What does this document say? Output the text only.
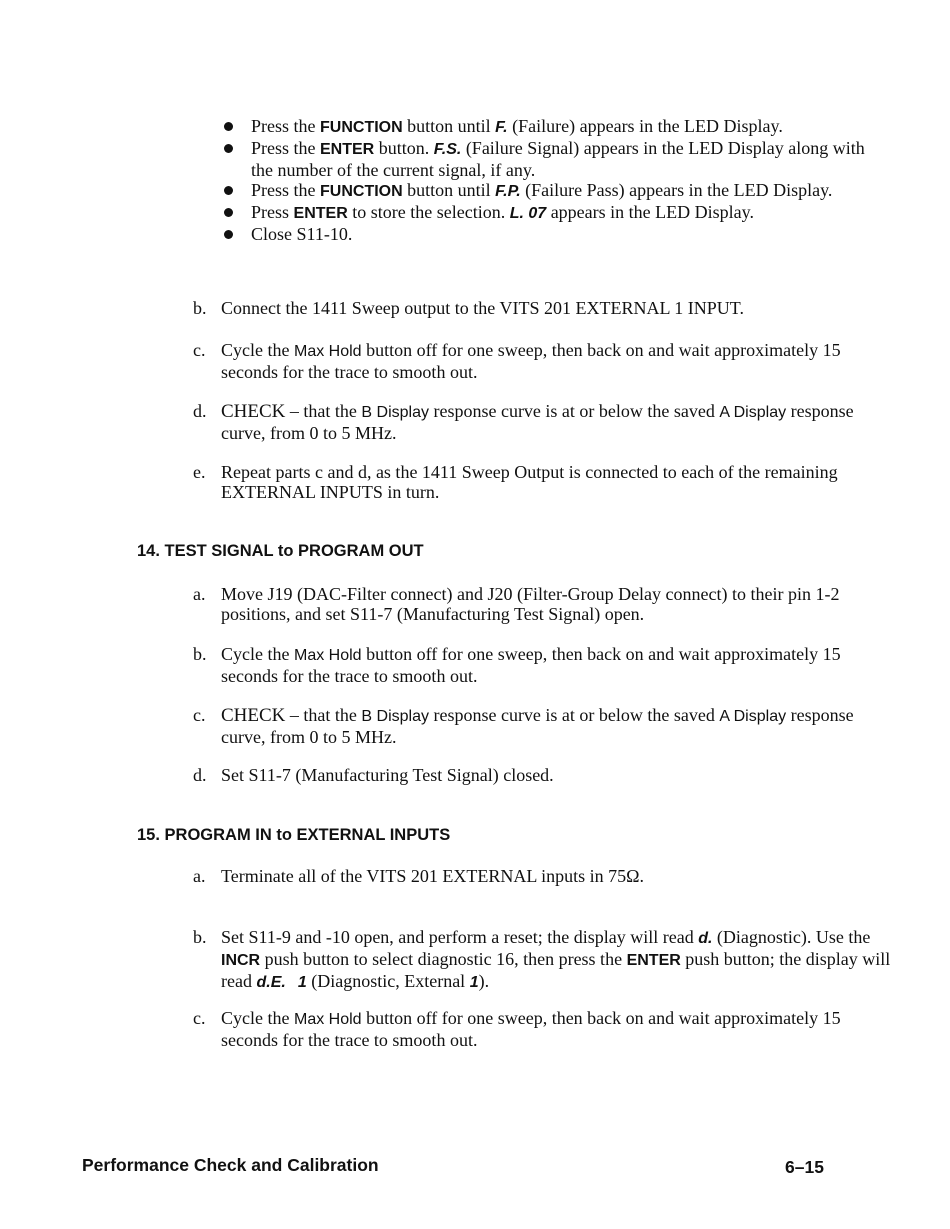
Press the FUNCTION button until F. (Failure) appears in the LED Display.
Press the ENTER button. F.S. (Failure Signal) appears in the LED Display along with the number of the current signal, if any.
Press the FUNCTION button until F.P. (Failure Pass) appears in the LED Display.
Press ENTER to store the selection. L. 07 appears in the LED Display.
Close S11-10.
b. Connect the 1411 Sweep output to the VITS 201 EXTERNAL 1 INPUT.
c. Cycle the Max Hold button off for one sweep, then back on and wait approximately 15 seconds for the trace to smooth out.
d. CHECK – that the B Display response curve is at or below the saved A Display response curve, from 0 to 5 MHz.
e. Repeat parts c and d, as the 1411 Sweep Output is connected to each of the remaining EXTERNAL INPUTS in turn.
14. TEST SIGNAL to PROGRAM OUT
a. Move J19 (DAC-Filter connect) and J20 (Filter-Group Delay connect) to their pin 1-2 positions, and set S11-7 (Manufacturing Test Signal) open.
b. Cycle the Max Hold button off for one sweep, then back on and wait approximately 15 seconds for the trace to smooth out.
c. CHECK – that the B Display response curve is at or below the saved A Display response curve, from 0 to 5 MHz.
d. Set S11-7 (Manufacturing Test Signal) closed.
15. PROGRAM IN to EXTERNAL INPUTS
a. Terminate all of the VITS 201 EXTERNAL inputs in 75Ω.
b. Set S11-9 and -10 open, and perform a reset; the display will read d. (Diagnostic). Use the INCR push button to select diagnostic 16, then press the ENTER push button; the display will read d.E. 1 (Diagnostic, External 1).
c. Cycle the Max Hold button off for one sweep, then back on and wait approximately 15 seconds for the trace to smooth out.
Performance Check and Calibration	6–15
